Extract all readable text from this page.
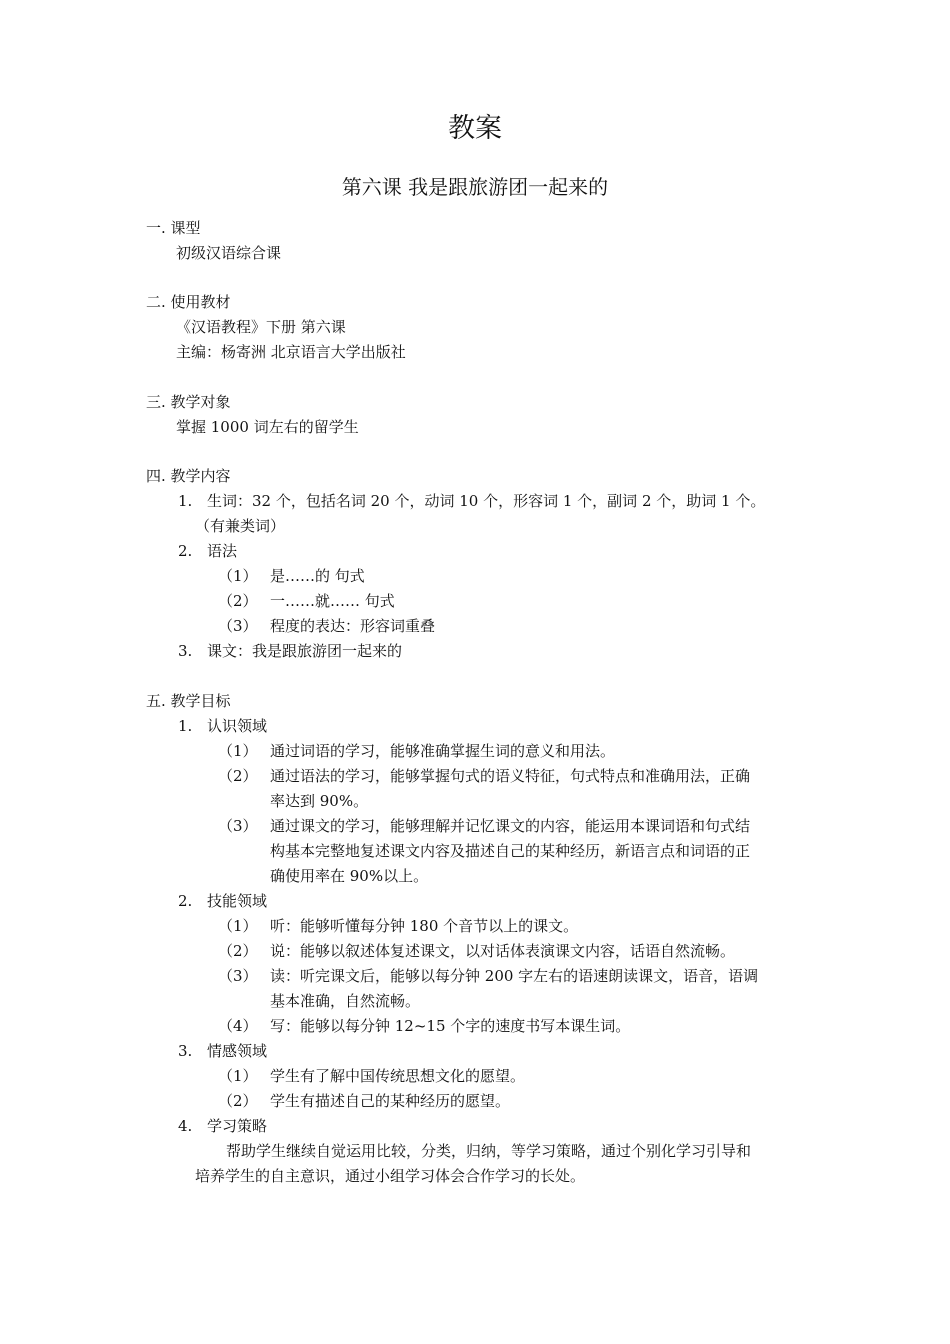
教案
第六课 我是跟旅游团一起来的
一. 课型
初级汉语综合课
二. 使用教材
《汉语教程》下册 第六课
主编：杨寄洲 北京语言大学出版社
三. 教学对象
掌握 1000 词左右的留学生
四. 教学内容
1. 生词：32 个，包括名词 20 个，动词 10 个，形容词 1 个，副词 2 个，助词 1 个。
（有兼类词）
2. 语法
（1） 是……的 句式
（2） 一……就…… 句式
（3） 程度的表达：形容词重叠
3. 课文：我是跟旅游团一起来的
五. 教学目标
1. 认识领域
（1） 通过词语的学习，能够准确掌握生词的意义和用法。
（2） 通过语法的学习，能够掌握句式的语义特征，句式特点和准确用法，正确
率达到 90%。
（3） 通过课文的学习，能够理解并记忆课文的内容，能运用本课词语和句式结
构基本完整地复述课文内容及描述自己的某种经历，新语言点和词语的正
确使用率在 90%以上。
2. 技能领域
（1） 听：能够听懂每分钟 180 个音节以上的课文。
（2） 说：能够以叙述体复述课文，以对话体表演课文内容，话语自然流畅。
（3） 读：听完课文后，能够以每分钟 200 字左右的语速朗读课文，语音，语调
基本准确，自然流畅。
（4） 写：能够以每分钟 12~15 个字的速度书写本课生词。
3. 情感领域
（1） 学生有了解中国传统思想文化的愿望。
（2） 学生有描述自己的某种经历的愿望。
4. 学习策略
帮助学生继续自觉运用比较，分类，归纳，等学习策略，通过个别化学习引导和
培养学生的自主意识，通过小组学习体会合作学习的长处。
